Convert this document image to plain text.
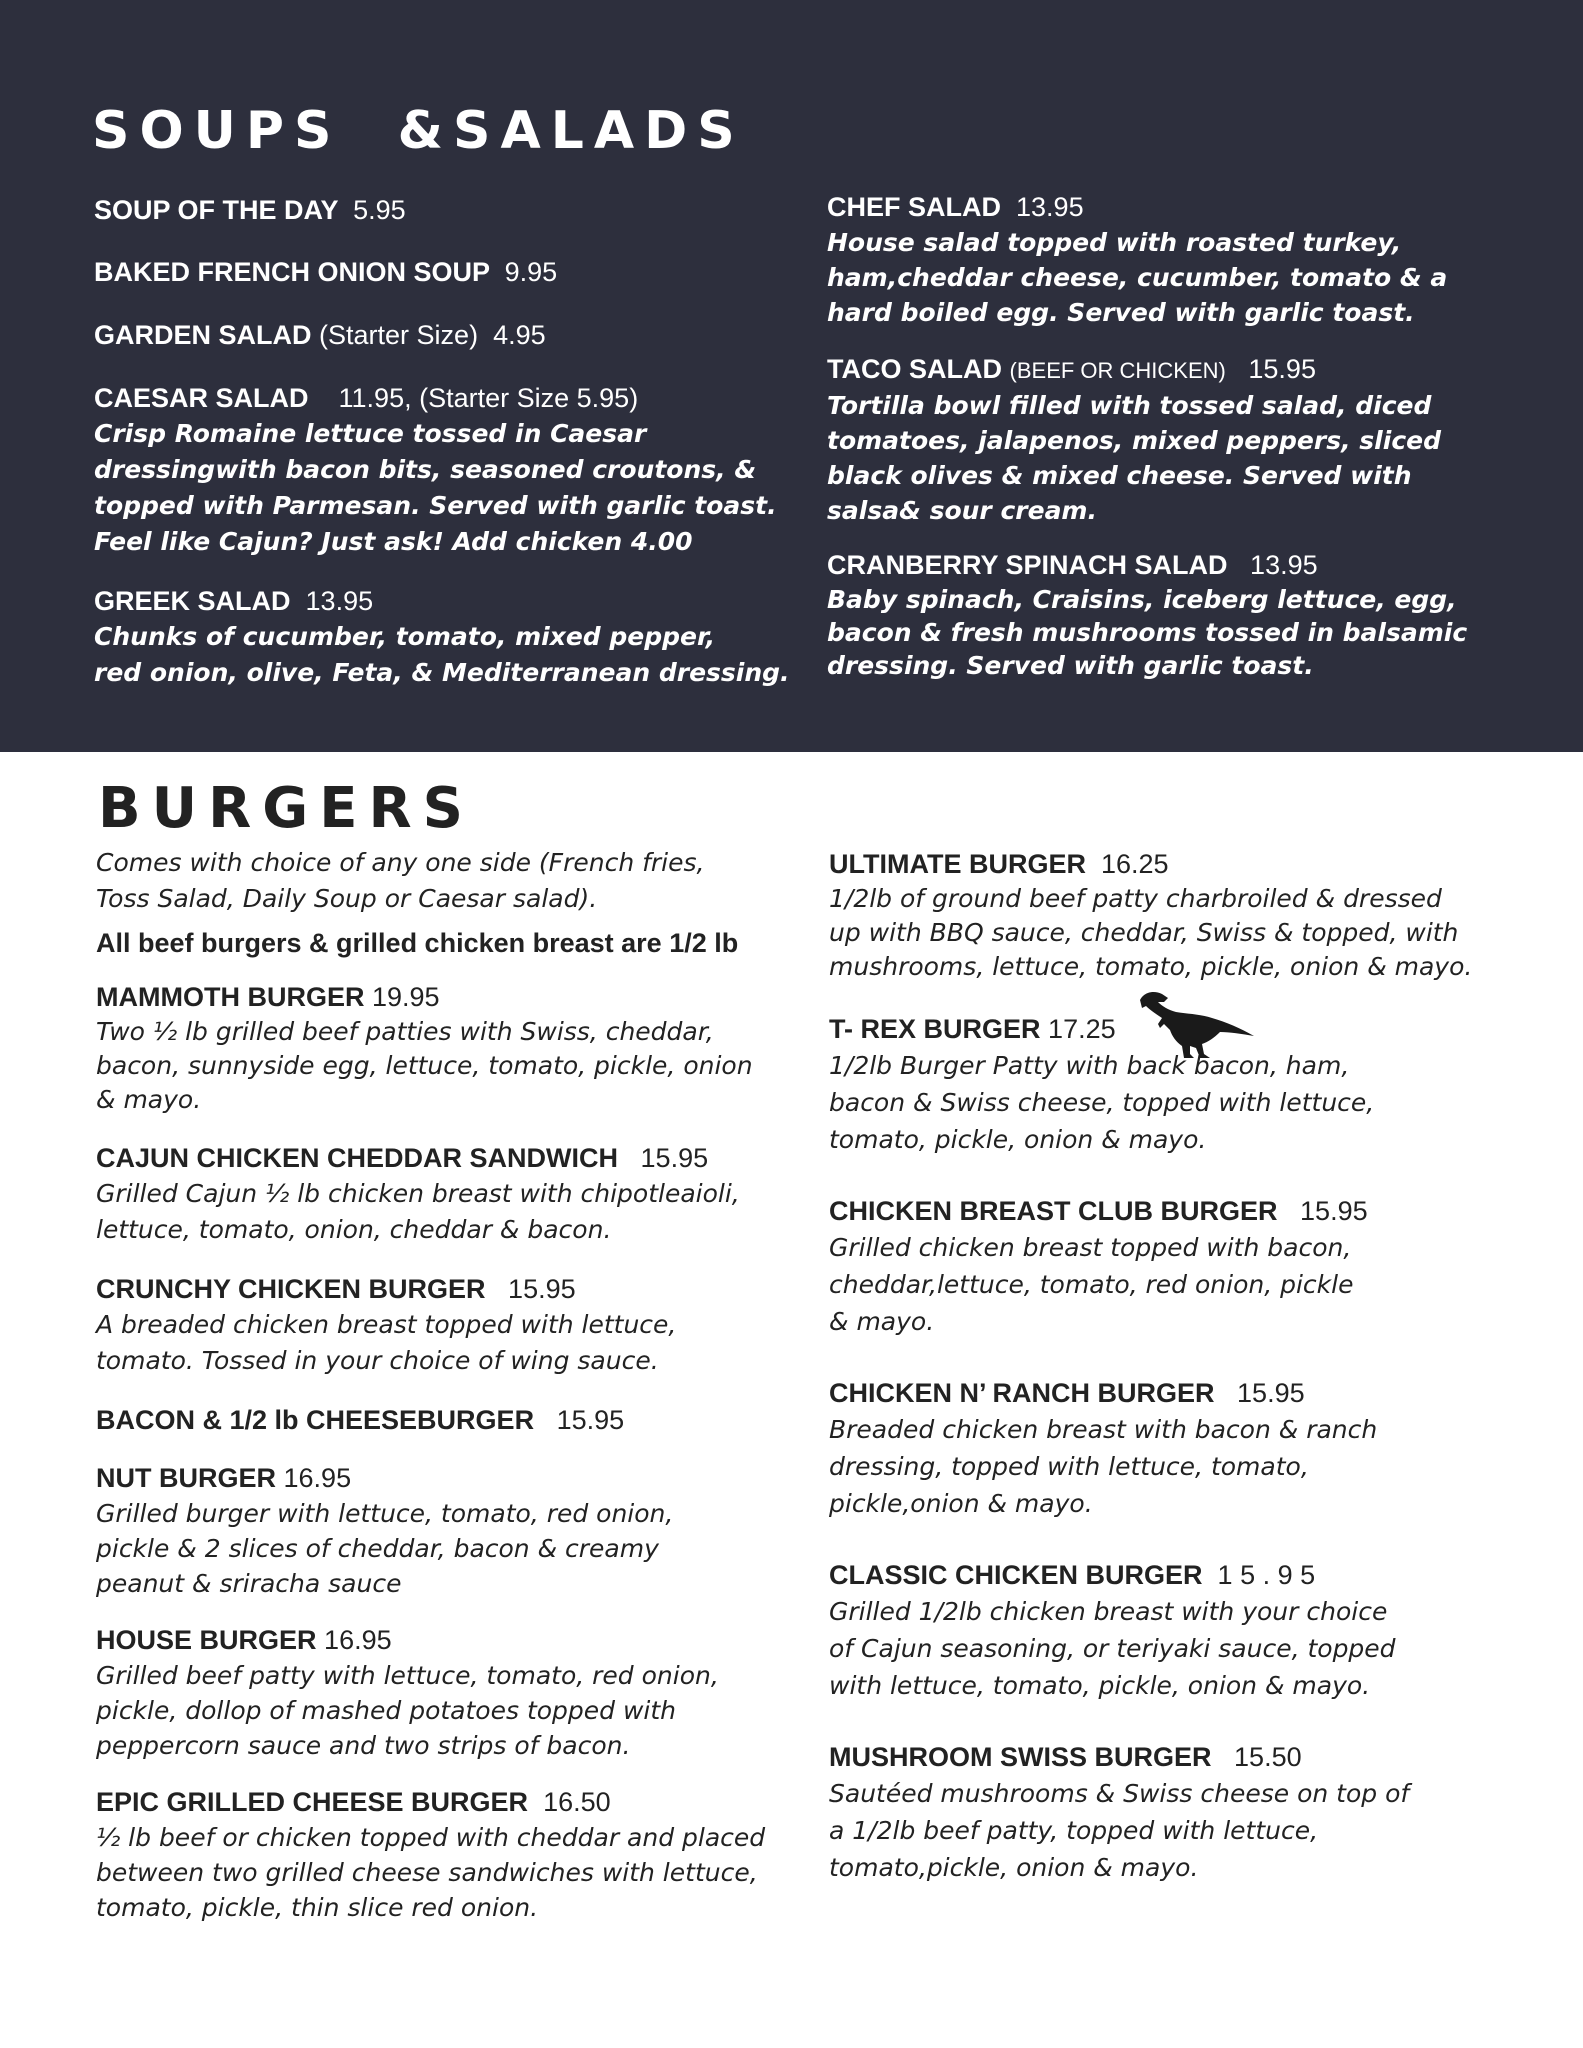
SOUPS  &SALADS
SOUP OF THE DAY 5.95
BAKED FRENCH ONION SOUP 9.95
GARDEN SALAD (Starter Size)  4.95
CAESAR SALAD 11.95, (Starter Size 5.95)
Crisp Romaine lettuce tossed in Caesar
dressingwith bacon bits, seasoned croutons, &
topped with Parmesan. Served with garlic toast.
Feel like Cajun? Just ask! Add chicken 4.00
GREEK SALAD 13.95
Chunks of cucumber, tomato, mixed pepper,
red onion, olive, Feta, & Mediterranean dressing.
CHEF SALAD 13.95
House salad topped with roasted turkey,
ham,cheddar cheese, cucumber, tomato & a
hard boiled egg. Served with garlic toast.
TACO SALAD (BEEF OR CHICKEN) 15.95
Tortilla bowl filled with tossed salad, diced
tomatoes, jalapenos, mixed peppers, sliced
black olives & mixed cheese. Served with
salsa& sour cream.
CRANBERRY SPINACH SALAD 13.95
Baby spinach, Craisins, iceberg lettuce, egg,
bacon & fresh mushrooms tossed in balsamic
dressing. Served with garlic toast.
BURGERS
Comes with choice of any one side (French fries,
Toss Salad, Daily Soup or Caesar salad).
All beef burgers & grilled chicken breast are 1/2 lb
MAMMOTH BURGER 19.95
Two ½ lb grilled beef patties with Swiss, cheddar,
bacon, sunnyside egg, lettuce, tomato, pickle, onion
& mayo.
CAJUN CHICKEN CHEDDAR SANDWICH 15.95
Grilled Cajun ½ lb chicken breast with chipotleaioli,
lettuce, tomato, onion, cheddar & bacon.
CRUNCHY CHICKEN BURGER 15.95
A breaded chicken breast topped with lettuce,
tomato. Tossed in your choice of wing sauce.
BACON & 1/2 lb CHEESEBURGER 15.95
NUT BURGER 16.95
Grilled burger with lettuce, tomato, red onion,
pickle & 2 slices of cheddar, bacon & creamy
peanut & sriracha sauce
HOUSE BURGER 16.95
Grilled beef patty with lettuce, tomato, red onion,
pickle, dollop of mashed potatoes topped with
peppercorn sauce and two strips of bacon.
EPIC GRILLED CHEESE BURGER 16.50
½ lb beef or chicken topped with cheddar and placed
between two grilled cheese sandwiches with lettuce,
tomato, pickle, thin slice red onion.
ULTIMATE BURGER 16.25
1/2lb of ground beef patty charbroiled & dressed
up with BBQ sauce, cheddar, Swiss & topped, with
mushrooms, lettuce, tomato, pickle, onion & mayo.
T- REX BURGER 17.25
1/2lb Burger Patty with back bacon, ham,
bacon & Swiss cheese, topped with lettuce,
tomato, pickle, onion & mayo.
CHICKEN BREAST CLUB BURGER 15.95
Grilled chicken breast topped with bacon,
cheddar,lettuce, tomato, red onion, pickle
& mayo.
CHICKEN N’ RANCH BURGER 15.95
Breaded chicken breast with bacon & ranch
dressing, topped with lettuce, tomato,
pickle,onion & mayo.
CLASSIC CHICKEN BURGER 1 5 . 9 5
Grilled 1/2lb chicken breast with your choice
of Cajun seasoning, or teriyaki sauce, topped
with lettuce, tomato, pickle, onion & mayo.
MUSHROOM SWISS BURGER 15.50
Sautéed mushrooms & Swiss cheese on top of
a 1/2lb beef patty, topped with lettuce,
tomato,pickle, onion & mayo.
